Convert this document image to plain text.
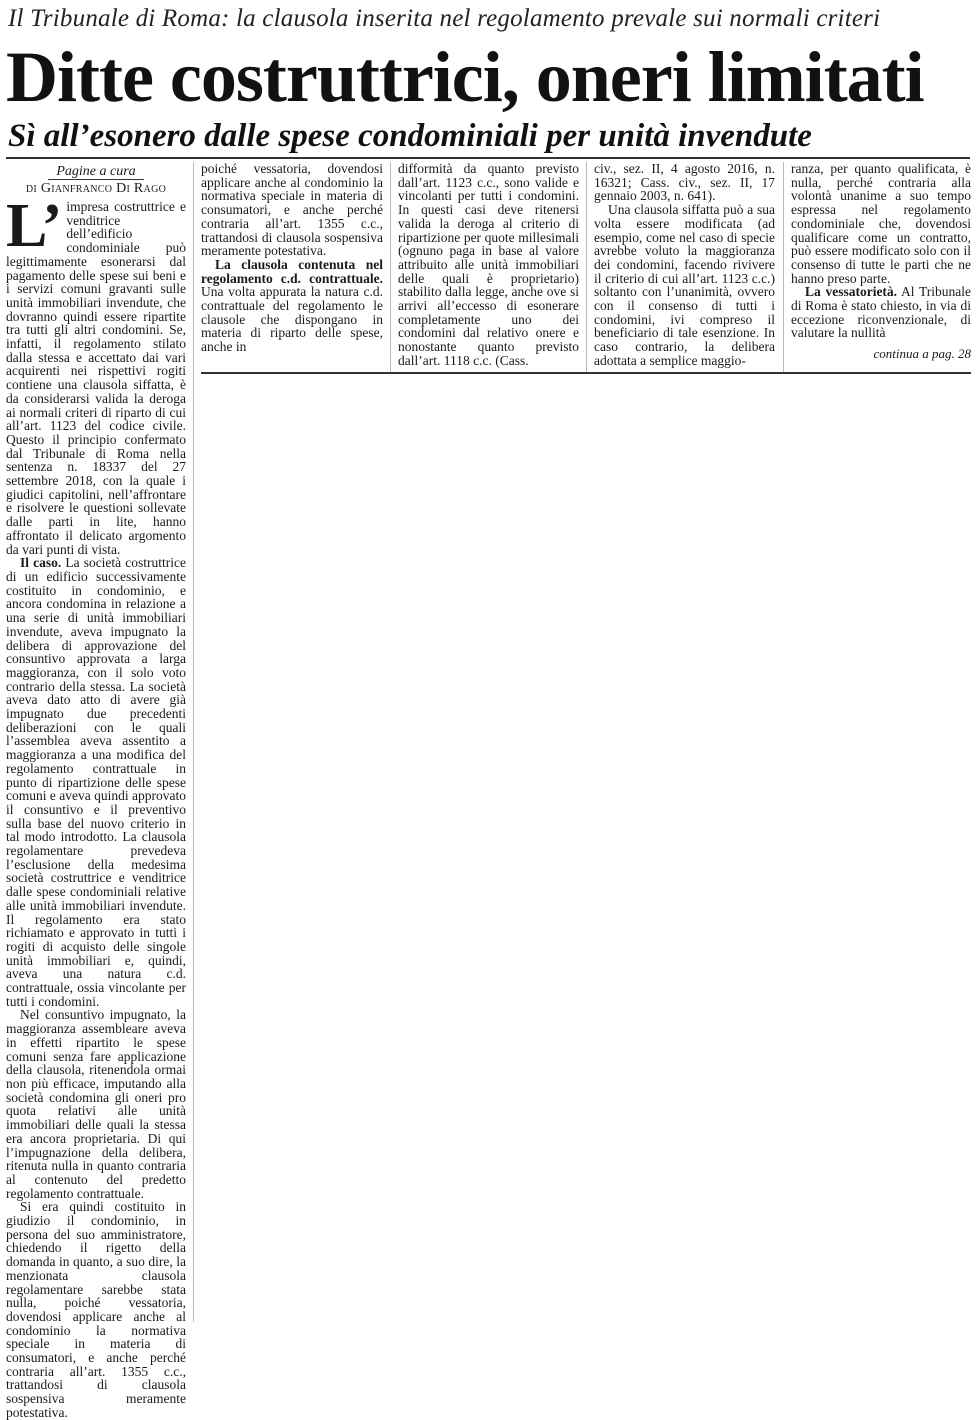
Il Tribunale di Roma: la clausola inserita nel regolamento prevale sui normali criteri
Ditte costruttrici, oneri limitati
Sì all’esonero dalle spese condominiali per unità invendute
Pagine a cura
di Gianfranco Di Rago

L’ impresa costruttrice e venditrice dell’edificio condominiale può legittimamente esonerarsi dal pagamento delle spese sui beni e i servizi comuni gravanti sulle unità immobiliari invendute, che dovranno quindi essere ripartite tra tutti gli altri condomini. Se, infatti, il regolamento stilato dalla stessa e accettato dai vari acquirenti nei rispettivi rogiti contiene una clausola siffatta, è da considerarsi valida la deroga ai normali criteri di riparto di cui all’art. 1123 del codice civile. Questo il principio confermato dal Tribunale di Roma nella sentenza n. 18337 del 27 settembre 2018, con la quale i giudici capitolini, nell’affrontare e risolvere le questioni sollevate dalle parti in lite, hanno affrontato il delicato argomento da vari punti di vista.

Il caso. La società costruttrice di un edificio successivamente costituito in condominio, e ancora condomina in relazione a una serie di unità immobiliari invendute, aveva impugnato la delibera di approvazione del consuntivo approvata a larga maggioranza, con il solo voto contrario della stessa. La società aveva dato atto di avere già impugnato due precedenti deliberazioni con le quali l’assemblea aveva assentito a maggioranza a una modifica del regolamento contrattuale in punto di ripartizione delle spese comuni e aveva quindi approvato il consuntivo e il preventivo sulla base del nuovo criterio in tal modo introdotto. La clausola regolamentare prevedeva l’esclusione della medesima società costruttrice e venditrice dalle spese condominiali relative alle unità immobiliari invendute. Il regolamento era stato richiamato e approvato in tutti i rogiti di acquisto delle singole unità immobiliari e, quindi, aveva una natura c.d. contrattuale, ossia vincolante per tutti i condomini.

Nel consuntivo impugnato, la maggioranza assembleare aveva in effetti ripartito le spese comuni senza fare applicazione della clausola, ritenendola ormai non più efficace, imputando alla società condomina gli oneri pro quota relativi alle unità immobiliari delle quali la stessa era ancora proprietaria. Di qui l’impugnazione della delibera, ritenuta nulla in quanto contraria al contenuto del predetto regolamento contrattuale.

Si era quindi costituito in giudizio il condominio, in persona del suo amministratore, chiedendo il rigetto della domanda in quanto, a suo dire, la menzionata clausola regolamentare sarebbe stata nulla, poiché vessatoria, dovendosi applicare anche al condominio la normativa speciale in materia di consumatori, e anche perché contraria all’art. 1355 c.c., trattandosi di clausola sospensiva meramente potestativa.

poiché vessatoria, dovendosi applicare anche al condominio la normativa speciale in materia di consumatori, e anche perché contraria all’art. 1355 c.c., trattandosi di clausola sospensiva meramente potestativa.

La clausola contenuta nel regolamento c.d. contrattuale. Una volta appurata la natura c.d. contrattuale del regolamento le clausole che dispongano in materia di riparto delle spese, anche in

difformità da quanto previsto dall’art. 1123 c.c., sono valide e vincolanti per tutti i condomini. In questi casi deve ritenersi valida la deroga al criterio di ripartizione per quote millesimali (ognuno paga in base al valore attribuito alle unità immobiliari delle quali è proprietario) stabilito dalla legge, anche ove si arrivi all’eccesso di esonerare completamente uno dei condomini dal relativo onere e nonostante quanto previsto dall’art. 1118 c.c. (Cass.

civ., sez. II, 4 agosto 2016, n. 16321; Cass. civ., sez. II, 17 gennaio 2003, n. 641).

Una clausola siffatta può a sua volta essere modificata (ad esempio, come nel caso di specie avrebbe voluto la maggioranza dei condomini, facendo rivivere il criterio di cui all’art. 1123 c.c.) soltanto con l’unanimità, ovvero con il consenso di tutti i condomini, ivi compreso il beneficiario di tale esenzione. In caso contrario, la delibera adottata a semplice maggio-

ranza, per quanto qualificata, è nulla, perché contraria alla volontà unanime a suo tempo espressa nel regolamento condominiale che, dovendosi qualificare come un contratto, può essere modificato solo con il consenso di tutte le parti che ne hanno preso parte.

La vessatorietà. Al Tribunale di Roma è stato chiesto, in via di eccezione riconvenzionale, di valutare la nullità

continua a pag. 28
